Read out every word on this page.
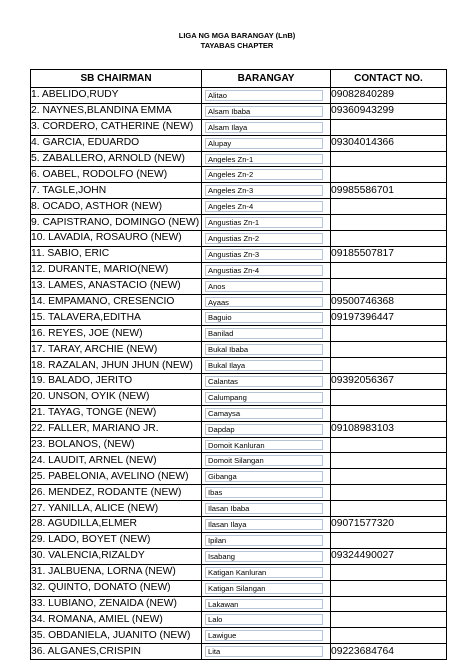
LIGA NG MGA BARANGAY (LnB)
TAYABAS CHAPTER
SB CHAIRMAN	BARANGAY	CONTACT NO.
1. ABELIDO,RUDY	Alitao	09082840289
2. NAYNES,BLANDINA EMMA	Alsam Ibaba	09360943299
3. CORDERO, CATHERINE (NEW)	Alsam Ilaya	

4. GARCIA, EDUARDO	Alupay	09304014366
5. ZABALLERO, ARNOLD (NEW)	Angeles Zn-1	

6. OABEL, RODOLFO (NEW)	Angeles Zn-2	

7. TAGLE,JOHN	Angeles Zn-3	09985586701
8. OCADO, ASTHOR (NEW)	Angeles Zn-4	

9. CAPISTRANO, DOMINGO (NEW)	Angustias Zn-1	

10. LAVADIA, ROSAURO (NEW)	Angustias Zn-2	

11. SABIO, ERIC	Angustias Zn-3	09185507817
12. DURANTE, MARIO(NEW)	Angustias Zn-4	

13. LAMES, ANASTACIO (NEW)	Anos	

14. EMPAMANO, CRESENCIO	Ayaas	09500746368
15. TALAVERA,EDITHA	Baguio	09197396447
16. REYES, JOE (NEW)	Banilad	

17. TARAY, ARCHIE (NEW)	Bukal Ibaba	

18. RAZALAN, JHUN JHUN (NEW)	Bukal Ilaya	

19. BALADO, JERITO	Calantas	09392056367
20. UNSON, OYIK (NEW)	Calumpang	

21. TAYAG, TONGE (NEW)	Camaysa	

22. FALLER, MARIANO JR.	Dapdap	09108983103
23. BOLANOS, (NEW)	Domoit Kanluran	

24. LAUDIT, ARNEL (NEW)	Domoit Silangan	

25. PABELONIA, AVELINO (NEW)	Gibanga	

26. MENDEZ, RODANTE (NEW)	Ibas	

27. YANILLA, ALICE (NEW)	Ilasan Ibaba	

28. AGUDILLA,ELMER	Ilasan Ilaya	09071577320
29. LADO, BOYET (NEW)	Ipilan	

30. VALENCIA,RIZALDY	Isabang	09324490027
31. JALBUENA, LORNA (NEW)	Katigan Kanluran	

32. QUINTO, DONATO (NEW)	Katigan Silangan	

33. LUBIANO, ZENAIDA (NEW)	Lakawan	

34. ROMANA, AMIEL (NEW)	Lalo	

35. OBDANIELA, JUANITO (NEW)	Lawigue	

36. ALGANES,CRISPIN	Lita	09223684764
